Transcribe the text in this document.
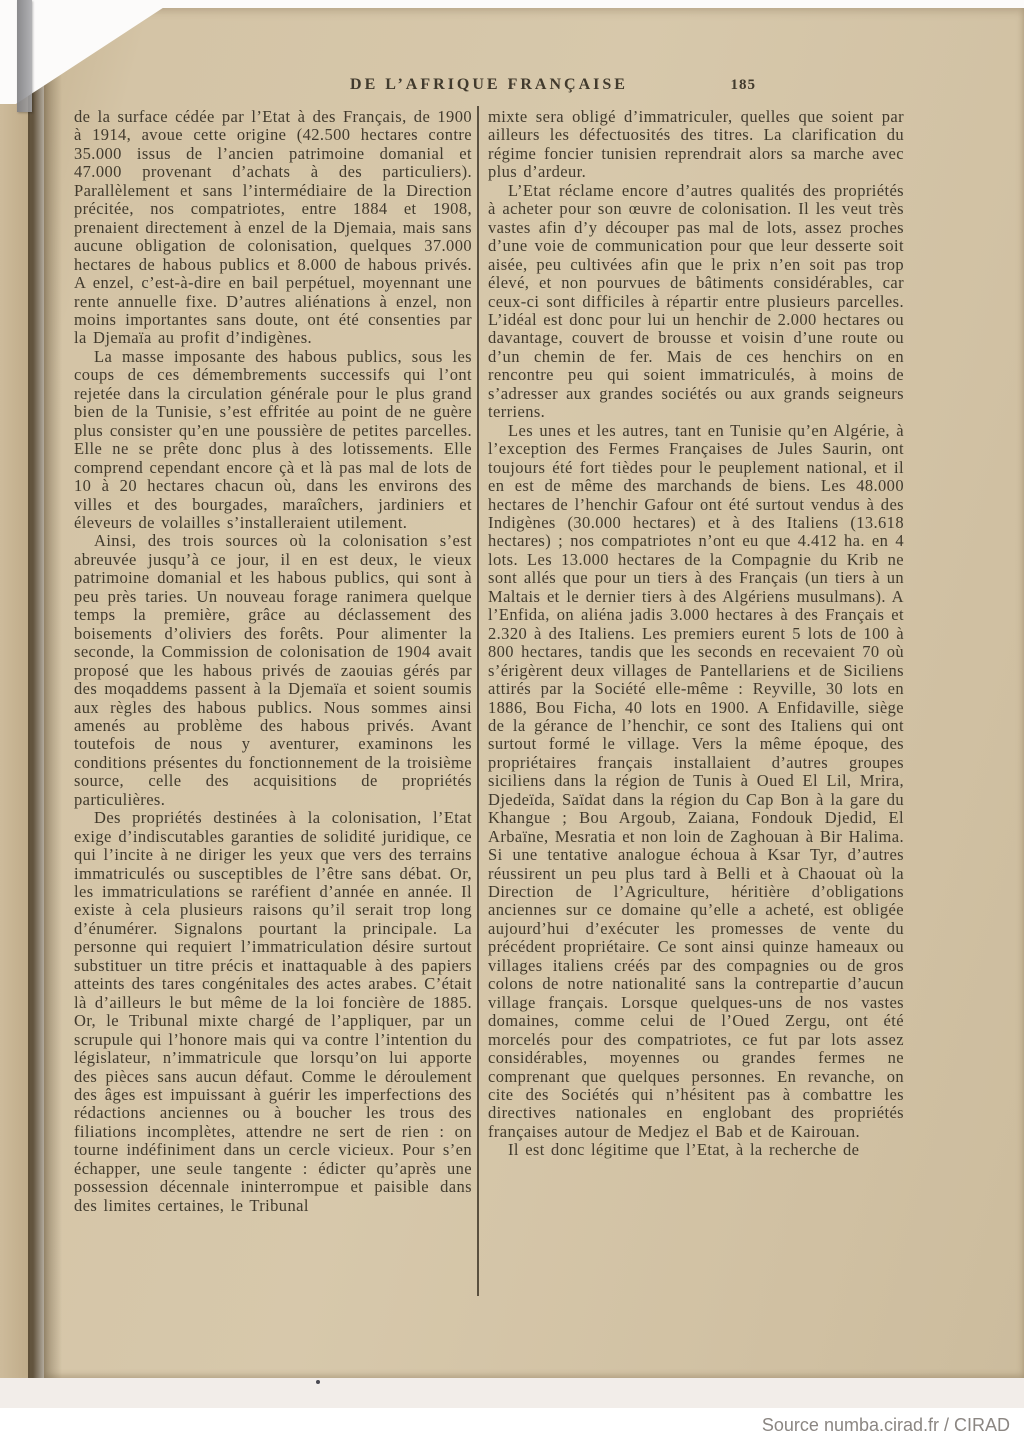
DE L’AFRIQUE FRANÇAISE	185

de la surface cédée par l’Etat à des Français, de 1900 à 1914, avoue cette origine (42.500 hectares contre 35.000 issus de l’ancien patrimoine domanial et 47.000 provenant d’achats à des particuliers). Parallèlement et sans l’intermédiaire de la Direction précitée, nos compatriotes, entre 1884 et 1908, prenaient directement à enzel de la Djemaia, mais sans aucune obligation de colonisation, quelques 37.000 hectares de habous publics et 8.000 de habous privés. A enzel, c’est-à-dire en bail perpétuel, moyennant une rente annuelle fixe. D’autres aliénations à enzel, non moins importantes sans doute, ont été consenties par la Djemaïa au profit d’indigènes.

La masse imposante des habous publics, sous les coups de ces démembrements successifs qui l’ont rejetée dans la circulation générale pour le plus grand bien de la Tunisie, s’est effritée au point de ne guère plus consister qu’en une poussière de petites parcelles. Elle ne se prête donc plus à des lotissements. Elle comprend cependant encore çà et là pas mal de lots de 10 à 20 hectares chacun où, dans les environs des villes et des bourgades, maraîchers, jardiniers et éleveurs de volailles s’installeraient utilement.

Ainsi, des trois sources où la colonisation s’est abreuvée jusqu’à ce jour, il en est deux, le vieux patrimoine domanial et les habous publics, qui sont à peu près taries. Un nouveau forage ranimera quelque temps la première, grâce au déclassement des boisements d’oliviers des forêts. Pour alimenter la seconde, la Commission de colonisation de 1904 avait proposé que les habous privés de zaouias gérés par des moqaddems passent à la Djemaïa et soient soumis aux règles des habous publics. Nous sommes ainsi amenés au problème des habous privés. Avant toutefois de nous y aventurer, examinons les conditions présentes du fonctionnement de la troisième source, celle des acquisitions de propriétés particulières.

Des propriétés destinées à la colonisation, l’Etat exige d’indiscutables garanties de solidité juridique, ce qui l’incite à ne diriger les yeux que vers des terrains immatriculés ou susceptibles de l’être sans débat. Or, les immatriculations se raréfient d’année en année. Il existe à cela plusieurs raisons qu’il serait trop long d’énumérer. Signalons pourtant la principale. La personne qui requiert l’immatriculation désire surtout substituer un titre précis et inattaquable à des papiers atteints des tares congénitales des actes arabes. C’était là d’ailleurs le but même de la loi foncière de 1885. Or, le Tribunal mixte chargé de l’appliquer, par un scrupule qui l’honore mais qui va contre l’intention du législateur, n’immatricule que lorsqu’on lui apporte des pièces sans aucun défaut. Comme le déroulement des âges est impuissant à guérir les imperfections des rédactions anciennes ou à boucher les trous des filiations incomplètes, attendre ne sert de rien : on tourne indéfiniment dans un cercle vicieux. Pour s’en échapper, une seule tangente : édicter qu’après une possession décennale ininterrompue et paisible dans des limites certaines, le Tribunal

mixte sera obligé d’immatriculer, quelles que soient par ailleurs les défectuosités des titres. La clarification du régime foncier tunisien reprendrait alors sa marche avec plus d’ardeur.

L’Etat réclame encore d’autres qualités des propriétés à acheter pour son œuvre de colonisation. Il les veut très vastes afin d’y découper pas mal de lots, assez proches d’une voie de communication pour que leur desserte soit aisée, peu cultivées afin que le prix n’en soit pas trop élevé, et non pourvues de bâtiments considérables, car ceux-ci sont difficiles à répartir entre plusieurs parcelles. L’idéal est donc pour lui un henchir de 2.000 hectares ou davantage, couvert de brousse et voisin d’une route ou d’un chemin de fer. Mais de ces henchirs on en rencontre peu qui soient immatriculés, à moins de s’adresser aux grandes sociétés ou aux grands seigneurs terriens.

Les unes et les autres, tant en Tunisie qu’en Algérie, à l’exception des Fermes Françaises de Jules Saurin, ont toujours été fort tièdes pour le peuplement national, et il en est de même des marchands de biens. Les 48.000 hectares de l’henchir Gafour ont été surtout vendus à des Indigènes (30.000 hectares) et à des Italiens (13.618 hectares) ; nos compatriotes n’ont eu que 4.412 ha. en 4 lots. Les 13.000 hectares de la Compagnie du Krib ne sont allés que pour un tiers à des Français (un tiers à un Maltais et le dernier tiers à des Algériens musulmans). A l’Enfida, on aliéna jadis 3.000 hectares à des Français et 2.320 à des Italiens. Les premiers eurent 5 lots de 100 à 800 hectares, tandis que les seconds en recevaient 70 où s’érigèrent deux villages de Pantellariens et de Siciliens attirés par la Société elle-même : Reyville, 30 lots en 1886, Bou Ficha, 40 lots en 1900. A Enfidaville, siège de la gérance de l’henchir, ce sont des Italiens qui ont surtout formé le village. Vers la même époque, des propriétaires français installaient d’autres groupes siciliens dans la région de Tunis à Oued El Lil, Mrira, Djedeïda, Saïdat dans la région du Cap Bon à la gare du Khangue ; Bou Argoub, Zaiana, Fondouk Djedid, El Arbaïne, Mesratia et non loin de Zaghouan à Bir Halima. Si une tentative analogue échoua à Ksar Tyr, d’autres réussirent un peu plus tard à Belli et à Chaouat où la Direction de l’Agriculture, héritière d’obligations anciennes sur ce domaine qu’elle a acheté, est obligée aujourd’hui d’exécuter les promesses de vente du précédent propriétaire. Ce sont ainsi quinze hameaux ou villages italiens créés par des compagnies ou de gros colons de notre nationalité sans la contrepartie d’aucun village français. Lorsque quelques-uns de nos vastes domaines, comme celui de l’Oued Zergu, ont été morcelés pour des compatriotes, ce fut par lots assez considérables, moyennes ou grandes fermes ne comprenant que quelques personnes. En revanche, on cite des Sociétés qui n’hésitent pas à combattre les directives nationales en englobant des propriétés françaises autour de Medjez el Bab et de Kairouan.

Il est donc légitime que l’Etat, à la recherche de

Source numba.cirad.fr / CIRAD
